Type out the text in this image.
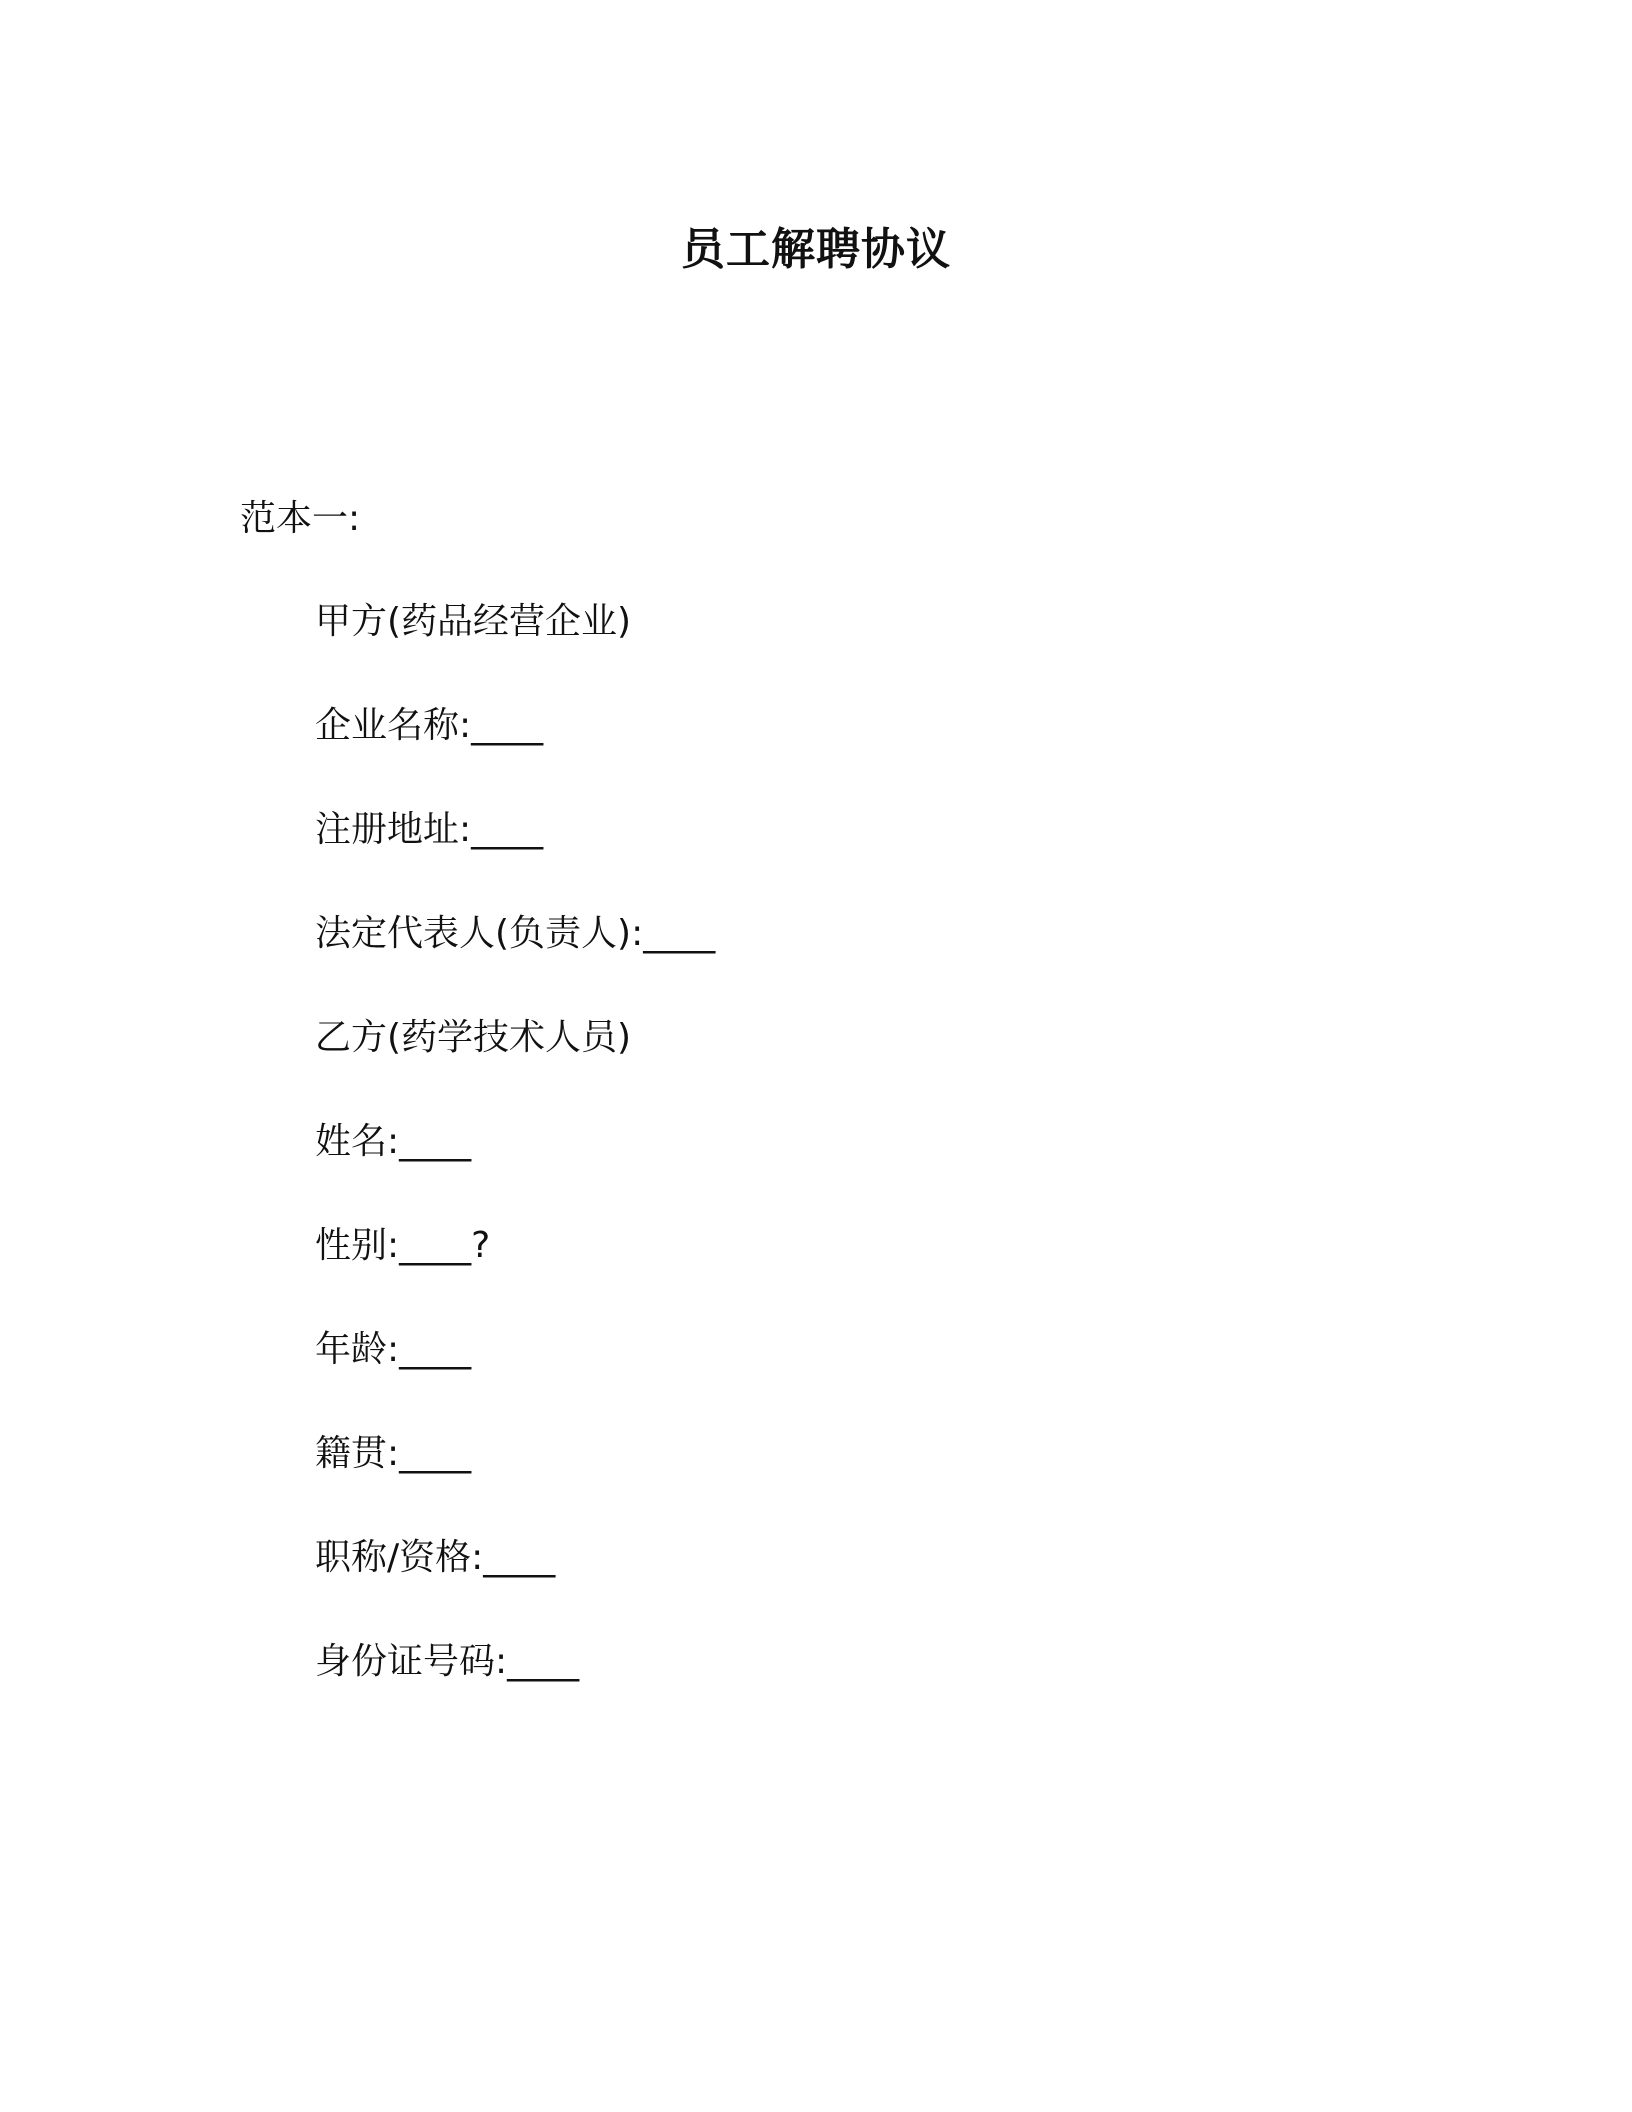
员工解聘协议
范本一:
甲方(药品经营企业)
企业名称:____
注册地址:____
法定代表人(负责人):____
乙方(药学技术人员)
姓名:____
性别:____?
年龄:____
籍贯:____
职称/资格:____
身份证号码:____
